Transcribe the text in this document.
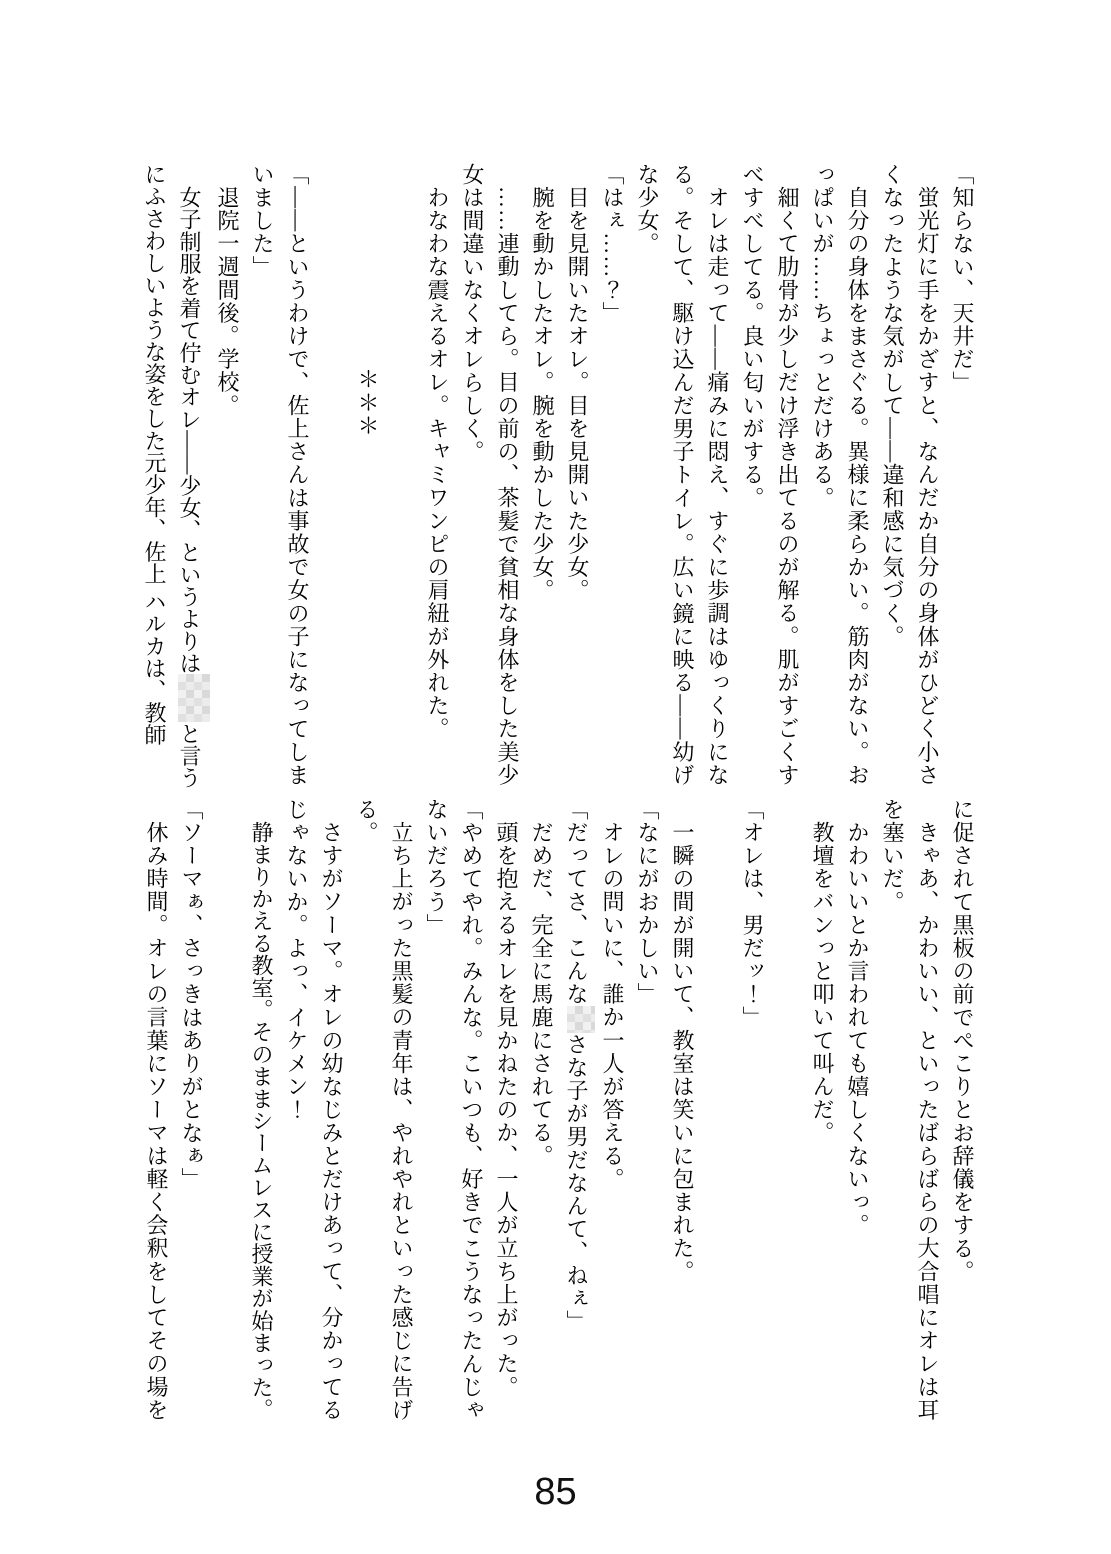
「知らない、天井だ」

蛍光灯に手をかざすと、なんだか自分の身体がひどく小さくなったような気がして――違和感に気づく。

自分の身体をまさぐる。異様に柔らかい。筋肉がない。おっぱいが……ちょっとだけある。

細くて肋骨が少しだけ浮き出てるのが解る。肌がすごくすべすべしてる。良い匂いがする。

オレは走って――痛みに悶え、すぐに歩調はゆっくりになる。そして、駆け込んだ男子トイレ。広い鏡に映る――幼げな少女。

「はぇ……？」

目を見開いたオレ。目を見開いた少女。

腕を動かしたオレ。腕を動かした少女。

……連動してら。目の前の、茶髪で貧相な身体をした美少女は間違いなくオレらしく。

わなわな震えるオレ。キャミワンピの肩紐が外れた。

＊＊＊

「――というわけで、佐上さんは事故で女の子になってしまいました」

退院一週間後。学校。

女子制服を着て佇むオレ――少女、というよりはと言うにふさわしいような姿をした元少年、佐上 ハルカは、教師

に促されて黒板の前でぺこりとお辞儀をする。

きゃあ、かわいい、といったばらばらの大合唱にオレは耳を塞いだ。

かわいいとか言われても嬉しくないっ。

教壇をバンっと叩いて叫んだ。

「オレは、男だッ！」

一瞬の間が開いて、教室は笑いに包まれた。

「なにがおかしい」

オレの問いに、誰か一人が答える。

「だってさ、こんなさな子が男だなんて、ねぇ」

だめだ、完全に馬鹿にされてる。

頭を抱えるオレを見かねたのか、一人が立ち上がった。

「やめてやれ。みんな。こいつも、好きでこうなったんじゃないだろう」

立ち上がった黒髪の青年は、やれやれといった感じに告げる。

さすがソーマ。オレの幼なじみとだけあって、分かってるじゃないか。よっ、イケメン！

静まりかえる教室。そのままシームレスに授業が始まった。

「ソーマぁ、さっきはありがとなぁ」

休み時間。オレの言葉にソーマは軽く会釈をしてその場を

85
